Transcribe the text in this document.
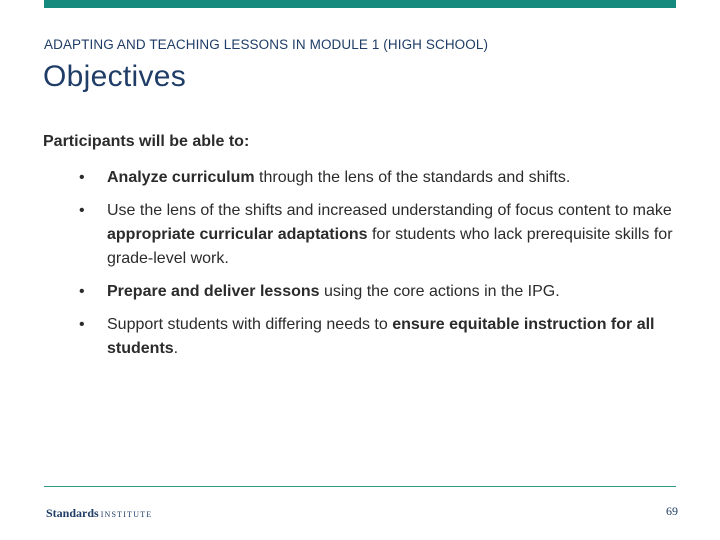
ADAPTING AND TEACHING LESSONS IN MODULE 1 (HIGH SCHOOL)
Objectives
Participants will be able to:
•	Analyze curriculum through the lens of the standards and shifts.
•	Use the lens of the shifts and increased understanding of focus content to make appropriate curricular adaptations for students who lack prerequisite skills for grade-level work.
•	Prepare and deliver lessons using the core actions in the IPG.
•	Support students with differing needs to ensure equitable instruction for all students.
Standards INSTITUTE	69
